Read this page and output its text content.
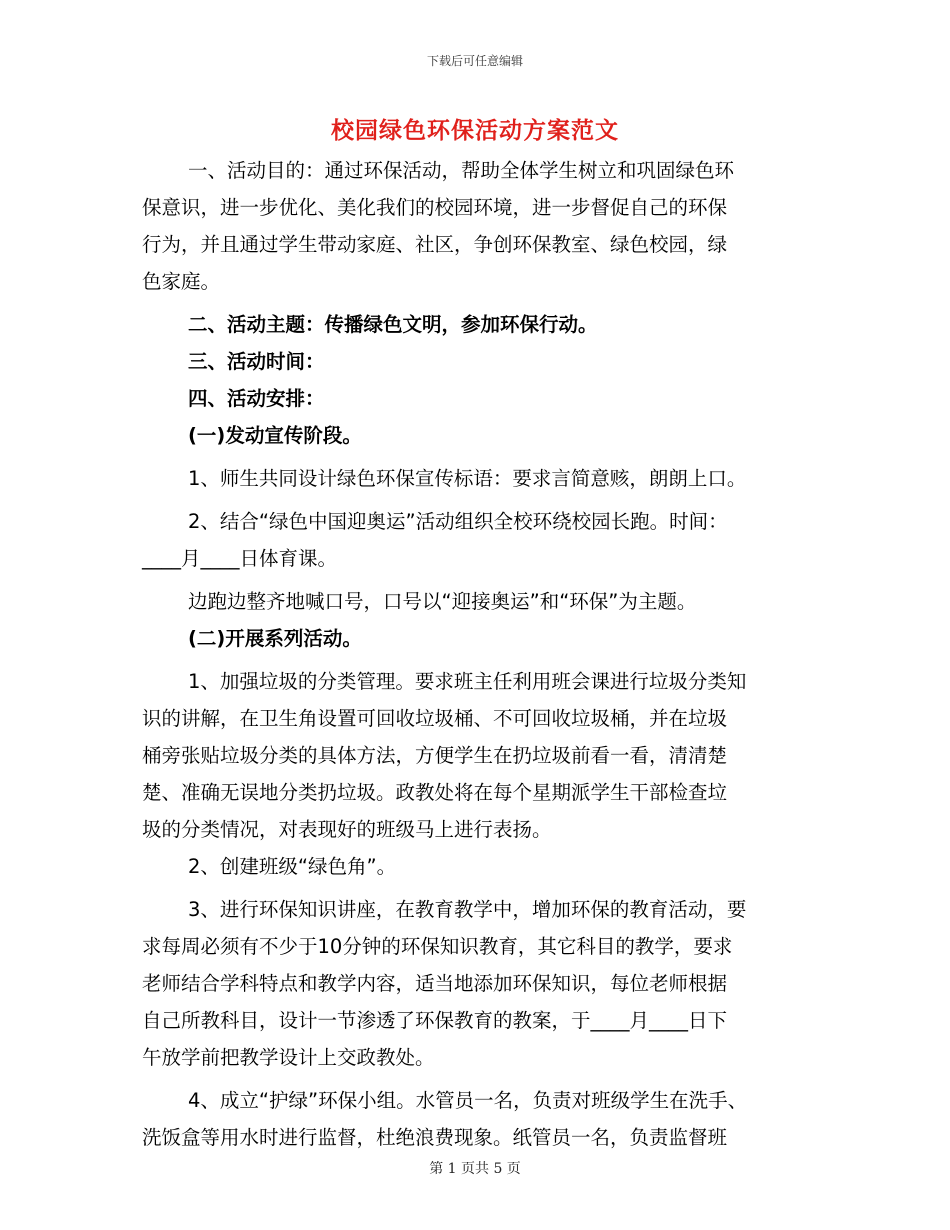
下载后可任意编辑
校园绿色环保活动方案范文
一、活动目的：通过环保活动，帮助全体学生树立和巩固绿色环
保意识，进一步优化、美化我们的校园环境，进一步督促自己的环保
行为，并且通过学生带动家庭、社区，争创环保教室、绿色校园，绿
色家庭。
二、活动主题：传播绿色文明，参加环保行动。
三、活动时间：
四、活动安排：
(一)发动宣传阶段。
1、师生共同设计绿色环保宣传标语：要求言简意赅，朗朗上口。
2、结合“绿色中国迎奥运”活动组织全校环绕校园长跑。时间：
____月____日体育课。
边跑边整齐地喊口号，口号以“迎接奥运”和“环保”为主题。
(二)开展系列活动。
1、加强垃圾的分类管理。要求班主任利用班会课进行垃圾分类知
识的讲解，在卫生角设置可回收垃圾桶、不可回收垃圾桶，并在垃圾
桶旁张贴垃圾分类的具体方法，方便学生在扔垃圾前看一看，清清楚
楚、准确无误地分类扔垃圾。政教处将在每个星期派学生干部检查垃
圾的分类情况，对表现好的班级马上进行表扬。
2、创建班级“绿色角”。
3、进行环保知识讲座，在教育教学中，增加环保的教育活动，要
求每周必须有不少于10分钟的环保知识教育，其它科目的教学，要求
老师结合学科特点和教学内容，适当地添加环保知识，每位老师根据
自己所教科目，设计一节渗透了环保教育的教案，于____月____日下
午放学前把教学设计上交政教处。
4、成立“护绿”环保小组。水管员一名，负责对班级学生在洗手、
洗饭盒等用水时进行监督，杜绝浪费现象。纸管员一名，负责监督班
第 1 页共 5 页
